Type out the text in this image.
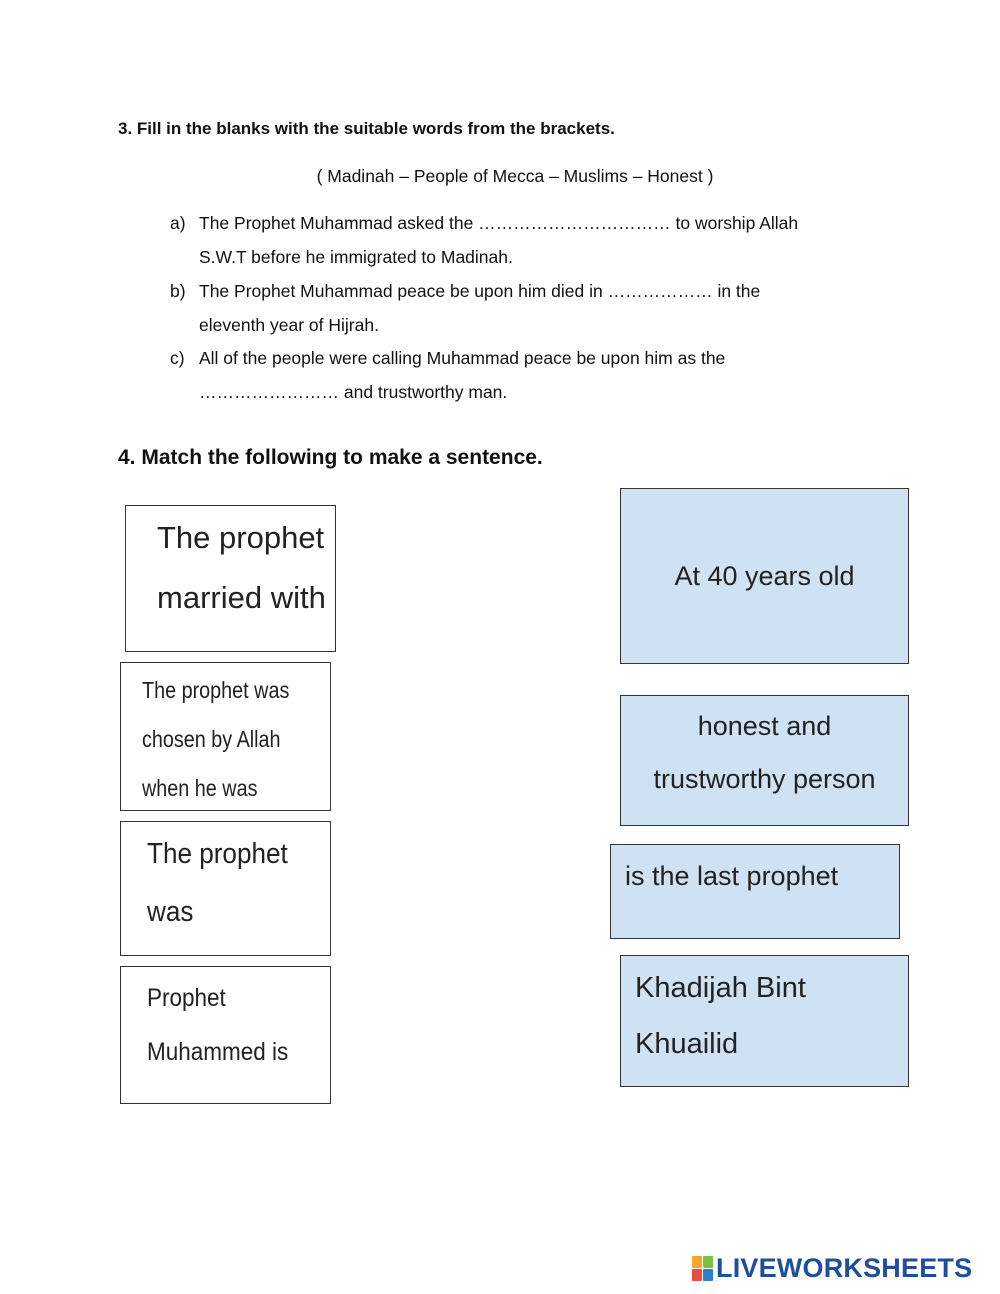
3. Fill in the blanks with the suitable words from the brackets.
( Madinah – People of Mecca – Muslims – Honest )
a) The Prophet Muhammad asked the …………………………… to worship Allah
S.W.T before he immigrated to Madinah.
b) The Prophet Muhammad peace be upon him died in ……………… in the
eleventh year of Hijrah.
c) All of the people were calling Muhammad peace be upon him as the
…………………… and trustworthy man.
4. Match the following to make a sentence.
The prophet
married with
The prophet was
chosen by Allah
when he was
The prophet
was
Prophet
Muhammed is
At 40 years old
honest and
trustworthy person
is the last prophet
Khadijah Bint
Khuailid
LIVEWORKSHEETS
